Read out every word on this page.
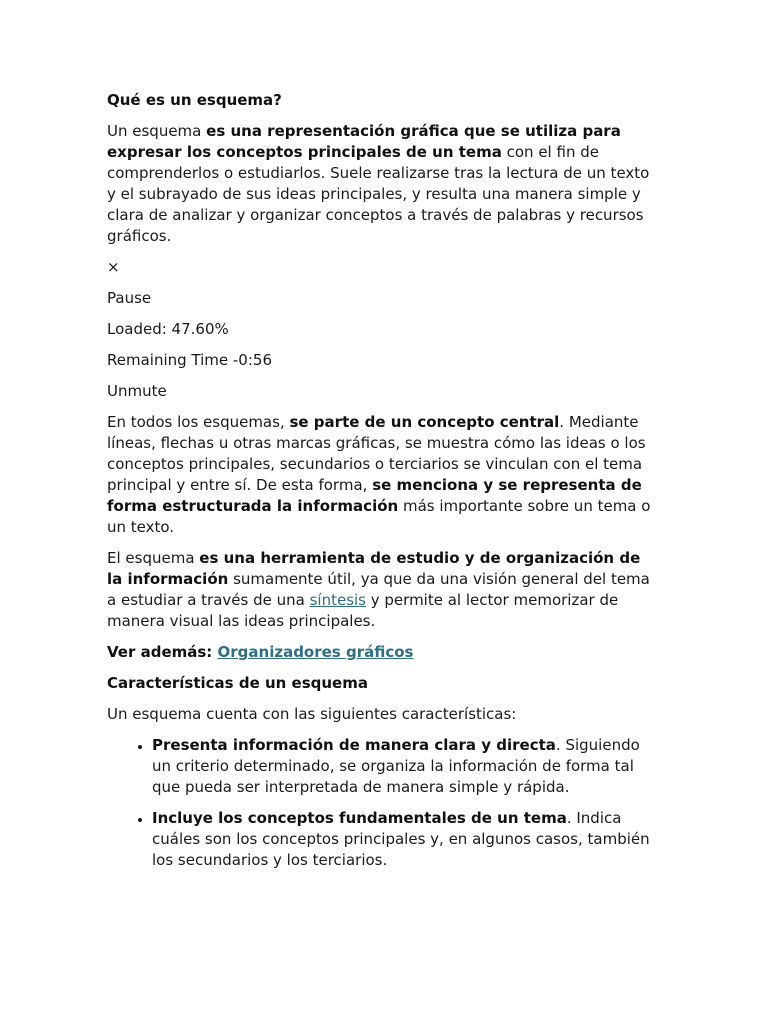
Qué es un esquema?

Un esquema es una representación gráfica que se utiliza para expresar los conceptos principales de un tema con el fin de comprenderlos o estudiarlos. Suele realizarse tras la lectura de un texto y el subrayado de sus ideas principales, y resulta una manera simple y clara de analizar y organizar conceptos a través de palabras y recursos gráficos.

×

Pause

Loaded: 47.60%

Remaining Time -0:56

Unmute

En todos los esquemas, se parte de un concepto central. Mediante líneas, flechas u otras marcas gráficas, se muestra cómo las ideas o los conceptos principales, secundarios o terciarios se vinculan con el tema principal y entre sí. De esta forma, se menciona y se representa de forma estructurada la información más importante sobre un tema o un texto.

El esquema es una herramienta de estudio y de organización de la información sumamente útil, ya que da una visión general del tema a estudiar a través de una síntesis y permite al lector memorizar de manera visual las ideas principales.

Ver además: Organizadores gráficos

Características de un esquema

Un esquema cuenta con las siguientes características:

• Presenta información de manera clara y directa. Siguiendo un criterio determinado, se organiza la información de forma tal que pueda ser interpretada de manera simple y rápida.
• Incluye los conceptos fundamentales de un tema. Indica cuáles son los conceptos principales y, en algunos casos, también los secundarios y los terciarios.
